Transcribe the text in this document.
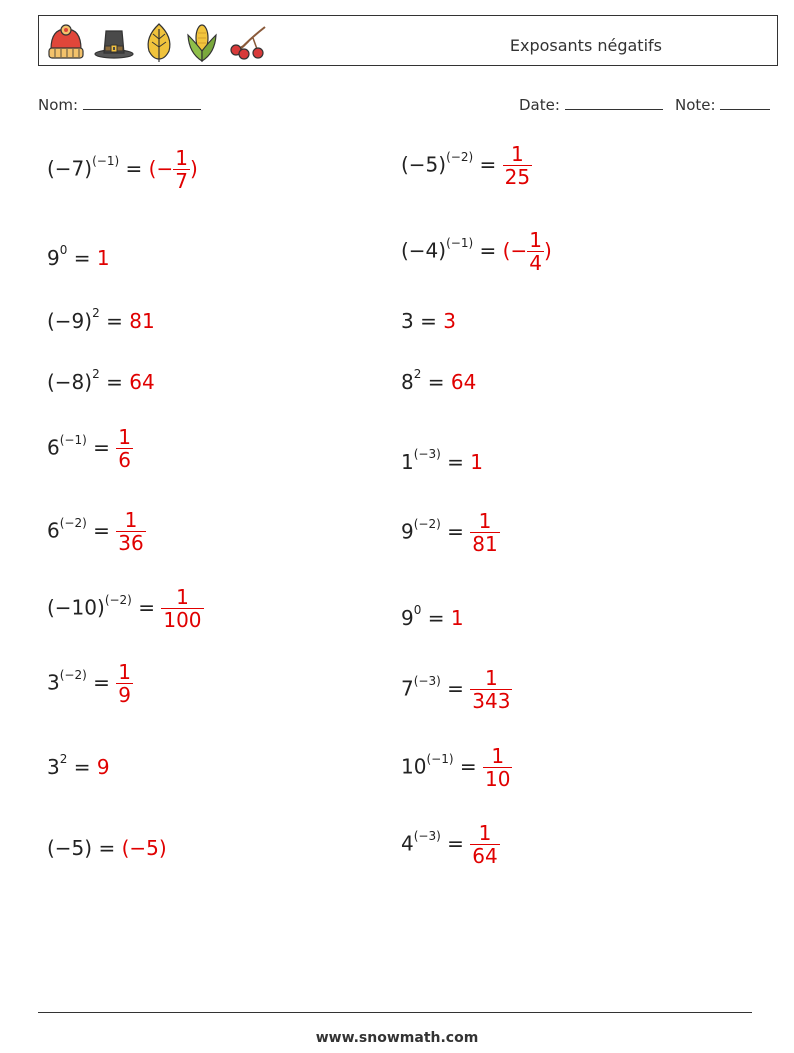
Exposants négatifs
Nom:	Date:	Note:
$(-7)^{(-1)}$ = (− $\frac{1}{7}$ )
$9^0 = 1$
$(-9)^2 = 81$
$(-8)^2 = 64$
$6^{(-1)} = \frac{1}{6}$
$6^{(-2)} = \frac{1}{36}$
$(-10)^{(-2)} = \frac{1}{100}$
$3^{(-2)} = \frac{1}{9}$
$3^2 = 9$
(−5) = (−5)
$(-5)^{(-2)} = \frac{1}{25}$
$(-4)^{(-1)}$ = (− $\frac{1}{4}$ )
3 = 3
$8^2 = 64$
$1^{(-3)} = 1$
$9^{(-2)} = \frac{1}{81}$
$9^0 = 1$
$7^{(-3)} = \frac{1}{343}$
$10^{(-1)} = \frac{1}{10}$
$4^{(-3)} = \frac{1}{64}$
www.snowmath.com
